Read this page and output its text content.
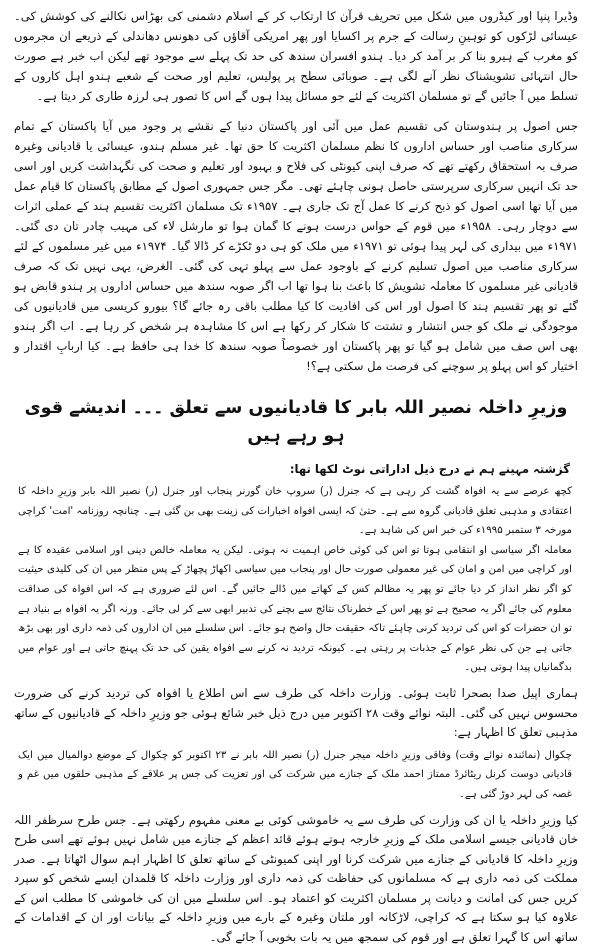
وڈیرا پنپا اور کیڈروں میں شکل میں تحریف قرآن کا ارتکاب کر کے اسلام دشمنی کی بھڑاس نکالنے کی کوشش کی۔ عیسائی لڑکوں کو توہینِ رسالت کے جرم پر اکسایا اور پھر امریکی آقاؤں کی دھونس دھاندلی کے ذریعے ان مجرموں کو مغرب کے ہیرو بنا کر بر آمد کر دیا۔ ہندو افسران سندھ کی حد تک پہلے سے موجود تھے لیکن اب خبر ہے صورت حال انتہائی تشویشناک نظر آنے لگی ہے۔ صوبائی سطح پر پولیس، تعلیم اور صحت کے شعبے ہندو اہل کاروں کے تسلط میں آ جائیں گے تو مسلمان اکثریت کے لئے جو مسائل پیدا ہوں گے اس کا تصور ہی لرزہ طاری کر دیتا ہے۔

جس اصول پر ہندوستان کی تقسیم عمل میں آئی اور پاکستان دنیا کے نقشے پر وجود میں آیا پاکستان کے تمام سرکاری مناصب اور حساس اداروں کا نظم مسلمان اکثریت کا حق تھا۔ غیر مسلم ہندو، عیسائی یا قادیانی وغیرہ صرف بہ استحقاق رکھتے تھے کہ صرف اپنی کیونٹی کی فلاح و بہبود اور تعلیم و صحت کی نگہداشت کریں اور اسی حد تک انہیں سرکاری سرپرستی حاصل ہونی چاہئے تھی۔ مگر جس جمہوری اصول کے مطابق پاکستان کا قیام عمل میں آیا تھا اسی اصول کو ذبح کرنے کا عمل آج تک جاری ہے۔ ۱۹۵۷ء تک مسلمان اکثریت تقسیم ہند کے عملی اثرات سے دوچار رہی۔ ۱۹۵۸ء میں قوم کے حواس درست ہونے کا گمان ہوا تو مارشل لاء کی مہیب چادر تان دی گئی۔ ۱۹۷۱ء میں بیداری کی لہر پیدا ہوئی تو ۱۹۷۱ء میں ملک کو ہی دو ٹکڑے کر ڈالا گیا۔ ۱۹۷۴ء میں غیر مسلموں کے لئے سرکاری مناصب میں اصول تسلیم کرنے کے باوجود عمل سے پہلو تہی کی گئی۔ الغرض، یہی نہیں تک کہ صرف قادیانی غیر مسلموں کا معاملہ تشویش کا باعث بنا ہوا تھا اب اگر صوبہ سندھ میں حساس اداروں پر ہندو قابض ہو گئے تو پھر تقسیم ہند کا اصول اور اس کی افادیت کا کیا مطلب باقی رہ جائے گا؟ بیورو کریسی میں قادیانیوں کی موجودگی نے ملک کو جس انتشار و تشتت کا شکار کر رکھا ہے اس کا مشاہدہ ہر شخص کر رہا ہے۔ اب اگر ہندو بھی اس صف میں شامل ہو گیا تو پھر پاکستان اور خصوصاً صوبہ سندھ کا خدا ہی حافظ ہے۔ کیا اربابِ اقتدار و اختیار کو اس پہلو پر سوچنے کی فرصت مل سکتی ہے؟!

وزیرِ داخلہ نصیر اللہ بابر کا قادیانیوں سے تعلق ۔۔۔ اندیشے قوی ہو رہے ہیں

گزشتہ مہینے ہم نے درج ذیل اداراتی نوٹ لکھا تھا:

کچھ عرصے سے یہ افواہ گشت کر رہی ہے کہ جنرل (ر) سروپ خان گورنر پنجاب اور جنرل (ر) نصیر اللہ بابر وزیرِ داخلہ کا اعتقادی و مذہبی تعلق قادیانی گروہ سے ہے۔ حتیٰ کہ ایسی افواہ اخبارات کی زینت بھی بن گئی ہے۔ چنانچہ روزنامہ 'امت' کراچی مورخہ ۳ ستمبر ۱۹۹۵ء کی خبر اس کی شاہد ہے۔

معاملہ اگر سیاسی او انتقامی ہوتا تو اس کی کوئی خاص اہمیت نہ ہوتی۔ لیکن یہ معاملہ خالص دینی اور اسلامی عقیدہ کا ہے اور کراچی میں امن و امان کی غیر معمولی صورت حال اور پنجاب میں سیاسی اکھاڑ پچھاڑ کے پس منظر میں ان کی کلیدی حیثیت کو اگر نظر انداز کر دیا جائے تو پھر یہ مظالم کس کے کھاتے میں ڈالے جائیں گے۔ اس لئے ضروری ہے کہ اس افواہ کی صداقت معلوم کی جائے اگر یہ صحیح ہے تو پھر اس کے خطرناک نتائج سے بچنے کی تدبیر ابھی سے کر لی جائے۔ ورنہ اگر یہ افواہ بے بنیاد ہے تو ان حضرات کو اس کی تردید کرنی چاہئے تاکہ حقیقت حال واضح ہو جائے۔ اس سلسلے میں ان اداروں کی ذمہ داری اور بھی بڑھ جاتی ہے جن کی نظر عوام کے جذبات پر رہتی ہے۔ کیونکہ تردید نہ کرنے سے افواہ یقین کی حد تک پہنچ جاتی ہے اور عوام میں بدگمانیاں پیدا ہوتی ہیں۔

ہماری اپیل صدا بصحرا ثابت ہوئی۔ وزارت داخلہ کی طرف سے اس اطلاع یا افواہ کی تردید کرنے کی ضرورت محسوس نہیں کی گئی۔ البتہ نوائے وقت ۲۸ اکتوبر میں درج ذیل خبر شائع ہوئی جو وزیرِ داخلہ کے قادیانیوں کے ساتھ مذہبی تعلق کا اظہار ہے:

چکوال (نمائندہ نوائے وقت) وفاقی وزیرِ داخلہ میجر جنرل (ر) نصیر اللہ بابر نے ۲۳ اکتوبر کو چکوال کے موضع دوالمیال میں ایک قادیانی دوست کرنل ریٹائرڈ ممتاز احمد ملک کے جنازے میں شرکت کی اور تعزیت کی جس پر علاقے کے مذہبی حلقوں میں غم و غصہ کی لہر دوڑ گئی ہے۔

کیا وزیرِ داخلہ یا ان کی وزارت کی طرف سے یہ خاموشی کوئی بے معنی مفہوم رکھتی ہے۔ جس طرح سرظفر اللہ خان قادیانی جیسے اسلامی ملک کے وزیرِ خارجہ ہوتے ہوئے قائد اعظم کے جنازے میں شامل نہیں ہوئے تھے اسی طرح وزیرِ داخلہ کا قادیانی کے جنازے میں شرکت کرنا اور اپنی کمیونٹی کے ساتھ تعلق کا اظہار اہم سوال اٹھاتا ہے۔ صدر مملکت کی ذمہ داری ہے کہ مسلمانوں کی حفاظت کی ذمہ داری اور وزارت داخلہ کا قلمدان ایسے شخص کو سپرد کریں جس کی امانت و دیانت پر مسلمان اکثریت کو اعتماد ہو۔ اس سلسلے میں ان کی خاموشی کا مطلب اس کے علاوہ کیا ہو سکتا ہے کہ کراچی، لاڑکانہ اور ملتان وغیرہ کے بارے میں وزیرِ داخلہ کے بیانات اور ان کے اقدامات کے ساتھ اس کا گہرا تعلق ہے اور قوم کی سمجھ میں یہ بات بخوبی آ جائے گی۔
